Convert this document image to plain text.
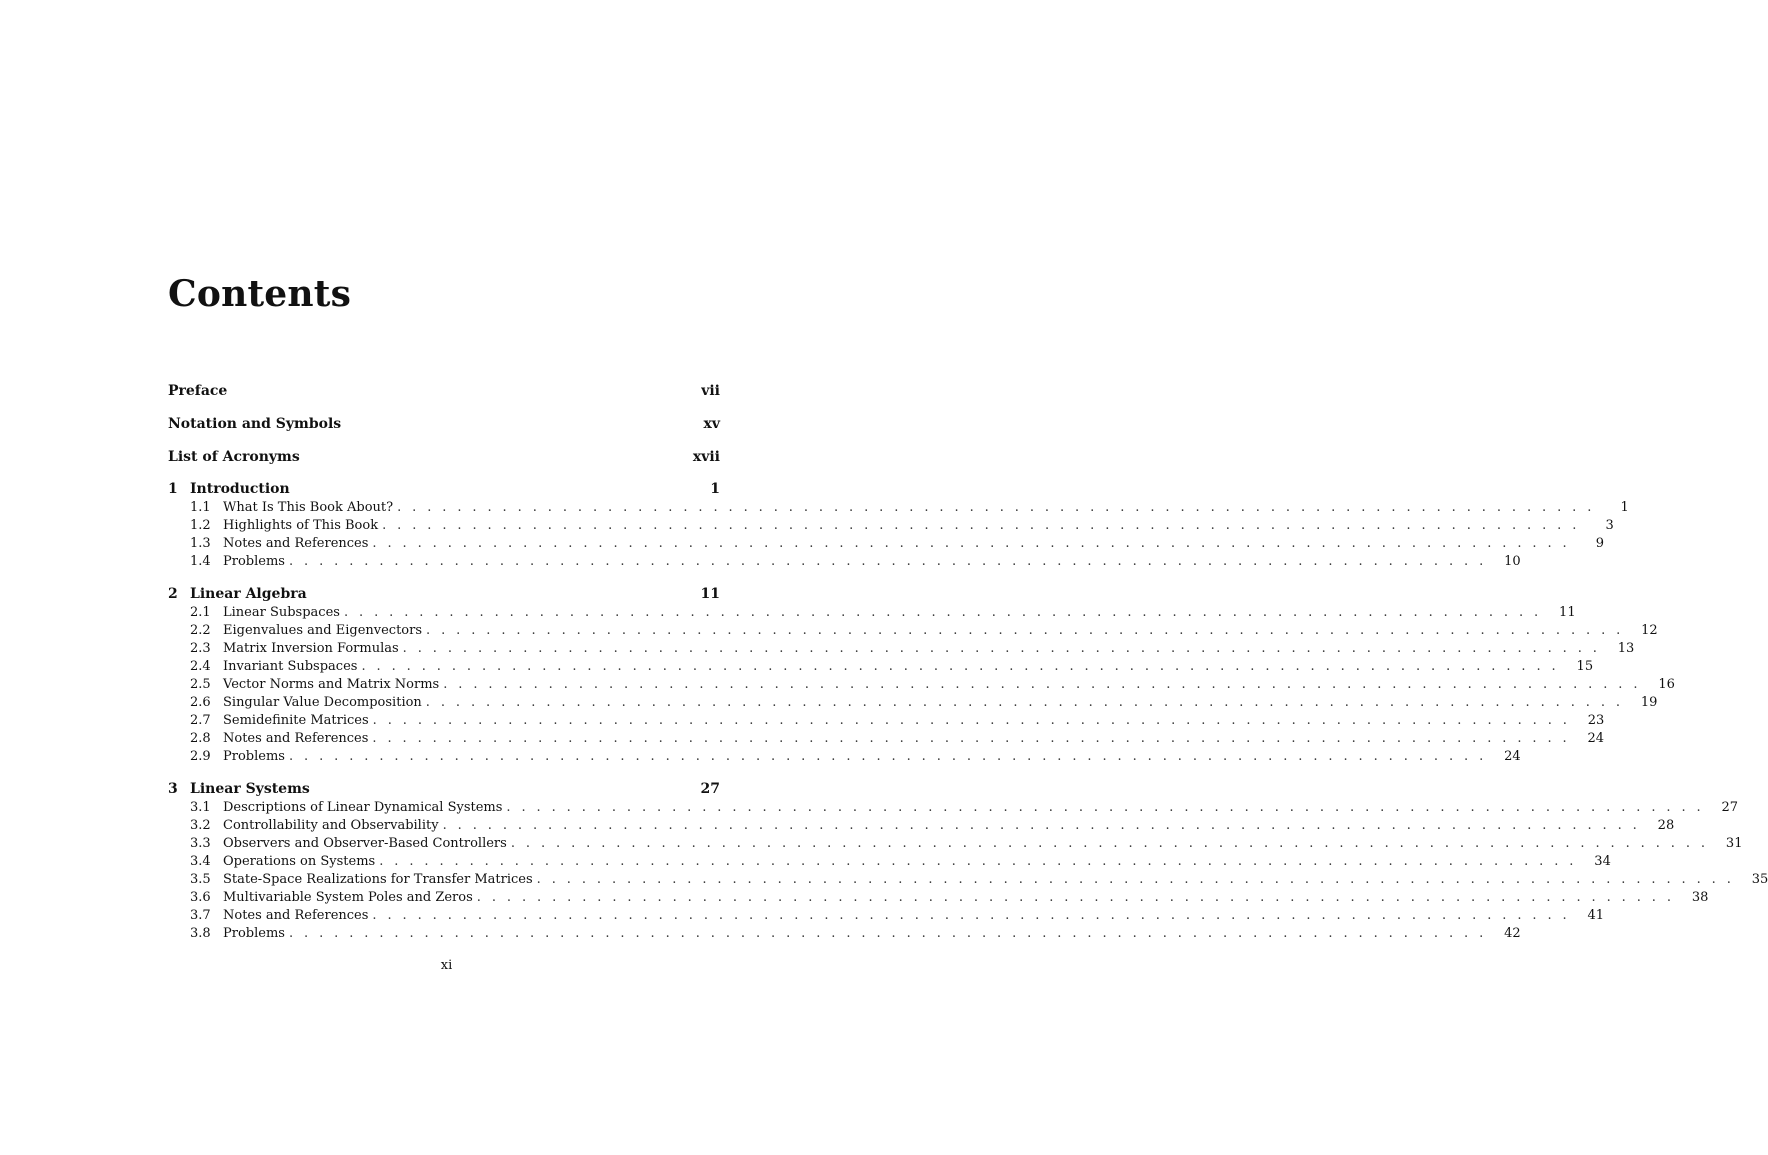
Contents
Preface	vii
Notation and Symbols	xv
List of Acronyms	xvii
1 Introduction	1
1.1 What Is This Book About? . . . . . . . . . . . . . . . . . . . . . . . . . . . . . . . . . . . . . . . . . . . . . . . . . . . . . . . . . . . . . . . . . . . . . . . . . . . . . . . .	1
1.2 Highlights of This Book . . . . . . . . . . . . . . . . . . . . . . . . . . . . . . . . . . . . . . . . . . . . . . . . . . . . . . . . . . . . . . . . . . . . . . . . . . . . . . . .	3
1.3 Notes and References . . . . . . . . . . . . . . . . . . . . . . . . . . . . . . . . . . . . . . . . . . . . . . . . . . . . . . . . . . . . . . . . . . . . . . . . . . . . . . . .	9
1.4 Problems . . . . . . . . . . . . . . . . . . . . . . . . . . . . . . . . . . . . . . . . . . . . . . . . . . . . . . . . . . . . . . . . . . . . . . . . . . . . . . . .	10
2 Linear Algebra	11
2.1 Linear Subspaces . . . . . . . . . . . . . . . . . . . . . . . . . . . . . . . . . . . . . . . . . . . . . . . . . . . . . . . . . . . . . . . . . . . . . . . . . . . . . . . .	11
2.2 Eigenvalues and Eigenvectors . . . . . . . . . . . . . . . . . . . . . . . . . . . . . . . . . . . . . . . . . . . . . . . . . . . . . . . . . . . . . . . . . . . . . . . . . . . . . . . .	12
2.3 Matrix Inversion Formulas . . . . . . . . . . . . . . . . . . . . . . . . . . . . . . . . . . . . . . . . . . . . . . . . . . . . . . . . . . . . . . . . . . . . . . . . . . . . . . . .	13
2.4 Invariant Subspaces . . . . . . . . . . . . . . . . . . . . . . . . . . . . . . . . . . . . . . . . . . . . . . . . . . . . . . . . . . . . . . . . . . . . . . . . . . . . . . . .	15
2.5 Vector Norms and Matrix Norms . . . . . . . . . . . . . . . . . . . . . . . . . . . . . . . . . . . . . . . . . . . . . . . . . . . . . . . . . . . . . . . . . . . . . . . . . . . . . . . .	16
2.6 Singular Value Decomposition . . . . . . . . . . . . . . . . . . . . . . . . . . . . . . . . . . . . . . . . . . . . . . . . . . . . . . . . . . . . . . . . . . . . . . . . . . . . . . . .	19
2.7 Semidefinite Matrices . . . . . . . . . . . . . . . . . . . . . . . . . . . . . . . . . . . . . . . . . . . . . . . . . . . . . . . . . . . . . . . . . . . . . . . . . . . . . . . .	23
2.8 Notes and References . . . . . . . . . . . . . . . . . . . . . . . . . . . . . . . . . . . . . . . . . . . . . . . . . . . . . . . . . . . . . . . . . . . . . . . . . . . . . . . .	24
2.9 Problems . . . . . . . . . . . . . . . . . . . . . . . . . . . . . . . . . . . . . . . . . . . . . . . . . . . . . . . . . . . . . . . . . . . . . . . . . . . . . . . .	24
3 Linear Systems	27
3.1 Descriptions of Linear Dynamical Systems . . . . . . . . . . . . . . . . . . . . . . . . . . . . . . . . . . . . . . . . . . . . . . . . . . . . . . . . . . . . . . . . . . . . . . . . . . . . . . . .	27
3.2 Controllability and Observability . . . . . . . . . . . . . . . . . . . . . . . . . . . . . . . . . . . . . . . . . . . . . . . . . . . . . . . . . . . . . . . . . . . . . . . . . . . . . . . .	28
3.3 Observers and Observer-Based Controllers . . . . . . . . . . . . . . . . . . . . . . . . . . . . . . . . . . . . . . . . . . . . . . . . . . . . . . . . . . . . . . . . . . . . . . . . . . . . . . . .	31
3.4 Operations on Systems . . . . . . . . . . . . . . . . . . . . . . . . . . . . . . . . . . . . . . . . . . . . . . . . . . . . . . . . . . . . . . . . . . . . . . . . . . . . . . . .	34
3.5 State-Space Realizations for Transfer Matrices . . . . . . . . . . . . . . . . . . . . . . . . . . . . . . . . . . . . . . . . . . . . . . . . . . . . . . . . . . . . . . . . . . . . . . . . . . . . . . . .	35
3.6 Multivariable System Poles and Zeros . . . . . . . . . . . . . . . . . . . . . . . . . . . . . . . . . . . . . . . . . . . . . . . . . . . . . . . . . . . . . . . . . . . . . . . . . . . . . . . .	38
3.7 Notes and References . . . . . . . . . . . . . . . . . . . . . . . . . . . . . . . . . . . . . . . . . . . . . . . . . . . . . . . . . . . . . . . . . . . . . . . . . . . . . . . .	41
3.8 Problems . . . . . . . . . . . . . . . . . . . . . . . . . . . . . . . . . . . . . . . . . . . . . . . . . . . . . . . . . . . . . . . . . . . . . . . . . . . . . . . .	42
xi
